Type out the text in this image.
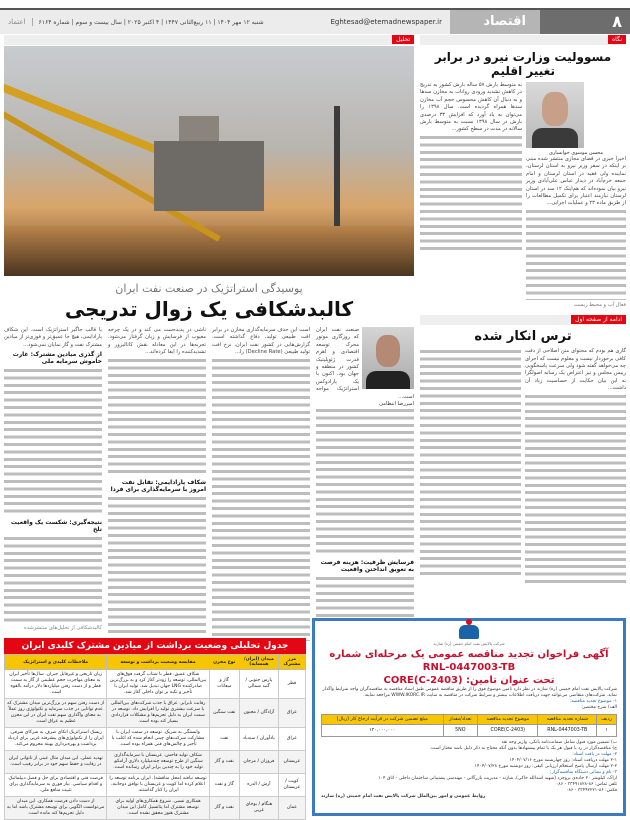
۸
اقتصاد
Eghtesad@etemadnewspaper.ir
شنبه ۱۲ مهر ۱۴۰۴ | ۱۱ ربیع‌الثانی ۱۴۴۷ | ۴ اکتبر ۲۰۲۵ | سال بیست و سوم | شماره ۶۱۶۴
اعتماد
نگاه
تحلیل
مسوولیت وزارت نیرو در برابر تغییر اقلیم
محسن موسوی خوانساری

اخیرا خبری در فضای مجازی منتشر شده مبنی بر اینکه در سفر وزیر نیرو به استان لرستان، نماینده ولی فقیه در استان لرستان و امام جمعه خرم‌آباد در دیدار عباس علی‌آبادی وزیر نیرو بیان نموده‌اند که هم‌اینک ۱۲ سد در استان لرستان نیازمند اعتبار برای تکمیل مطالعات را از طریق ماده ۲۳ و عملیات اجرایی...

فعال آب و محیط زیست

به متوسط بارش ۵۷ ساله بارش کشور به تدریج در کاهش تشدید ورودی رواناب به مخازن سدها و به دنبال آن کاهش محسوس حجم آب مخازن سدها همراه گردیده است. سال ۱۳۹۸ را می‌توان به یاد آورد که افزایش ۳۳ درصدی بارش در سال ۱۳۹۸ نسبت به متوسط بارش سالانه در مدت در سطح کشور...

ادامه از صفحه اول
ترس انکار شده

گاری هم بودم که محتوای متن اصلاحی از دقت کافی برخوردار نیست و معلوم نیست که اجرای چه می‌خواهد گفته شود ولی سرعت پاسخگویی رییس مجلس و نیز اعتراض یک رسانه اصولگرا به این بیان حکایت از حساسیت زیاد آن داشت...

پوسیدگی استراتژیک در صنعت نفت ایران
کالبدشکافی یک زوال تدریجی

صنعت نفت ایران که روزگاری موتور محرک توسعه اقتصادی و اهرم قدرت ژئوپلیتیک کشور در منطقه و جهان بود، اکنون با یک پارادوکس استراتژیک مواجه است...

امیررضا انتظامی

فرسایش ظرفیت: هزینه فرصت به تعویق انداختن واقعیت

است این حذف سرمایه‌گذاری مخازن در برابر افت طبیعی تولید، دفاع گذاشته است. گزارش‌هایی در کشور نفت ایران، نرخ افت تولید طبیعی (Decline Rate) را...

ناشی در پدیده‌ست می کند و در یک چرخه معیوب از فرسایش و زیان گرفتار می‌شود. تجربه‌ها در این معادله نقش کاتالیزور و تشدیدکننده را ایفا کرده‌اند...

شکاف پارادایمی: تقابل نفت امروز با سرمایه‌گذاری برای فردا

یا قالب جاگیر استراتژیک است. این شکاف پارادایمی، هیچ جا عمیق‌تر و فوری‌تر از میادین مشترک نفت و گاز نمایان نمی‌شود...

از گذری میادین مشترک: غارت خاموش سرمایه ملی

نتیجه‌گیری: شکست یک واقعیت تلخ

کالبدشکافی از تحلیل‌های منتشرشده

جدول تحلیلی وضعیت برداشت از میادین مشترک کلیدی ایران
مرز مشترک	میدان (ایران/همسایه)	نوع مخزن	مقایسه وضعیت برداشت و توسعه	ملاحظات کلیدی و استراتژیک
قطر	پارس جنوبی / گنبد شمالی	گاز و میعانات	شکاف عمیق. قطر با شتاب گرفت فوق‌های بین‌المللی، توسعه را زودتر آغاز کرد و به بزرگ‌ترین صادرکننده LNG جهان تبدیل شد. تولید ایران با تأخیر و تکیه بر توان داخلی آغاز شد.	زیان تاریخی و غیرقابل جبران. سال‌ها تأخیر ایران به معنای مهاجرت حجم عظیمی از گاز به سمت قطر و از دست رفتن میلیاردها دلار درآمد بالقوه است.
عراق	آزادگان / مجنون	نفت سنگین	رقابت نابرابر. عراق با جذب شرکت‌های بین‌المللی با سرعت بیشتری تولید را افزایش داد. توسعه در سمت ایران به دلیل تحریم‌ها و مشکلات قراردادی بسیار کند بوده است.	از دست رفتن سهم در بزرگ‌ترین میدان مشترک که عدم توانایی در جذب سرمایه و تکنولوژی روز عملاً به معنای واگذاری سهم نفت ایران در این مخزن عظیم به عراق است.
عراق	یادآوران / سندباد	نفت	وابستگی به شریک. توسعه در سمت ایران با مشارکت شرکت‌های چینی انجام شده که اغلب با تأخیر و چالش‌های فنی همراه بوده است.	ریسک استراتژیک اتکای صرف به شرکای شرقی. ایران را از تکنولوژی‌های پیشرفته غربی برای ازدیاد برداشت و بهره‌برداری بهینه محروم می‌کند.
عربستان	فروزان / مرجان	نفت و گاز	شکاف تولید فاحش. عربستان با سرمایه‌گذاری سنگین از طرح توسعه چندمیلیارد دلاری آرامکو، تولید خود را به چندین برابر ایران رسانده است.	تهدید عملی. این میدان مثال عینی از ناتوانی ایران در رقابت و حفظ سهم خود در برابر رقیب است.
کویت / عربستان	آرش / الدره	گاز و نفت	توسعه نیافته (محل مناقشه). ایران برنامه توسعه را اعلام کرده اما کویت و عربستان با توافق دوجانبه، ایران را کنار گذاشتند.	فرصت فنی و اقتصادی برای حل و فصل دیپلماتیک و اقدام سیاسی. نیاز فوری به سرمایه‌گذاری برای تثبیت منافع ملی.
عمان	هنگام / بوخای غربی	نفت و گاز	همکاری نسبی. شروع همکاری‌های اولیه برای توسعه مشترک اما پتانسیل کامل این میدان مشترک هنوز محقق نشده است.	از دست دادن فرصت همکاری. این میدان می‌توانست الگویی برای توسعه مشترک باشد اما به دلیل تحریم‌ها کند مانده است.
شرکت پالایش نفت امام خمینی (ره) شازند
آگهی فراخوان تجدید مناقصه عمومی یک مرحله‌ای شماره RNL-0447003-TB
تحت عنوان تامین: CORE(C-2403)

شرکت پالایش نفت امام خمینی (ره) شازند در نظر دارد تامین موضوع فوق را از طریق مناقصه عمومی طبق اسناد مناقصه به مناقصه‌گران واجد شرایط واگذار نماید. شرکت‌های متقاضی می‌توانند جهت دریافت اطلاعات بیشتر و شرایط شرکت در مناقصه به سایت WWW.IKORC.IR مراجعه نمایند.

۱- موضوع تجدید مناقصه:

الف) شرح مختصر:

ردیف	شماره تجدید مناقصه	موضوع تجدید مناقصه	تعداد/مقدار	مبلغ تضمین شرکت در فرآیند ارجاع کار (ریال)
۱	RNL-0447003-TB	CORE(C-2403)	5NO	۱۲۰,۰۰۰,۰۰۰

ب) تضمین مورد قبول شامل ضمانت‌نامه بانکی، واریز وجه نقد

ج) مناقصه‌گزار در رد یا قبول هر یک یا تمام پیشنهادها بدون آنکه محتاج به ذکر دلیل باشد مختار است.

۲- مهلت در یافت اسناد:

۲-۱ مهلت دریافت اسناد: روز چهارشنبه مورخ ۱۴۰۴/۰۷/۱۶

۲-۲ مهلت ارسال پاسخ استعلام ارزیابی کیفی: روز دوشنبه مورخ ۱۴۰۴/۰۷/۲۸

۳- نام و نشانی دستگاه مناقصه‌گزار:

اراک، کیلومتر ۲۰ جاده‌ی بروجرد (شهید اسدالله خاکی)، شازند - مدیریت بازرگانی - مهندسی پشتیبانی ساختمان داخلی - اتاق ۱۰۴

تلفن تماس: ۸۶-۳۳۴۹۱۸۲۸ - ۰۸۶

فکس: ۸۶-۳۳۴۹۲۲۲۱ - ۰۸۶

روابط عمومی و امور بین‌الملل شرکت پالایش نفت امام خمینی (ره) شازند
